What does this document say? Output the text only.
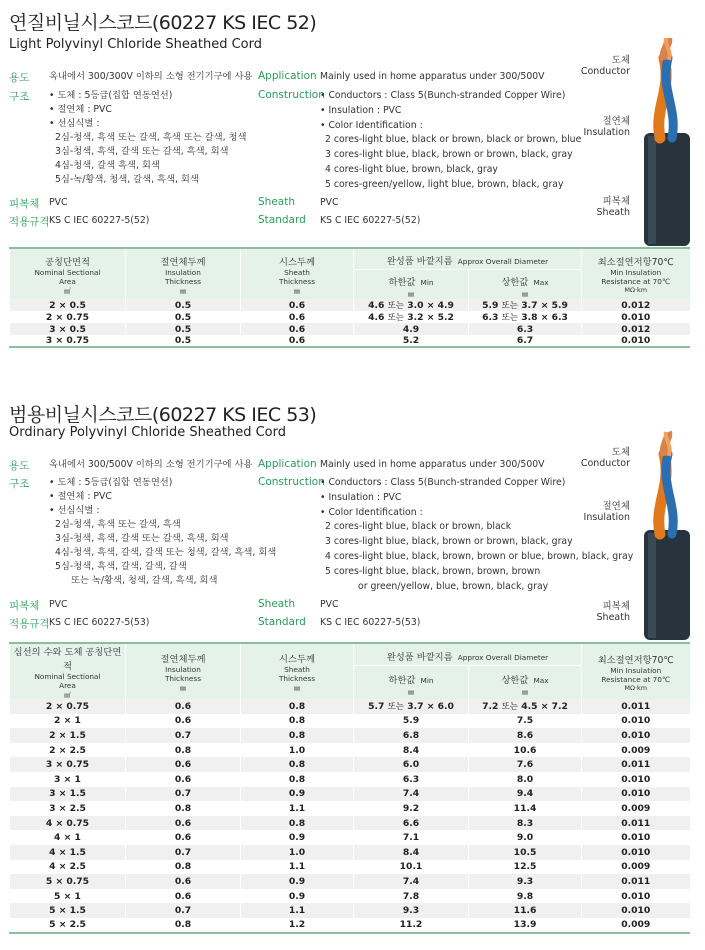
연질비닐시스코드(60227 KS IEC 52)
Light Polyvinyl Chloride Sheathed Cord
용도 옥내에서 300/300V 이하의 소형 전기기구에 사용 Application Mainly used in home apparatus under 300/500V
구조 • 도체 : 5등급(집합 연동연선)
• 절연체 : PVC
• 선심식별 :
2심-청색, 흑색 또는 갈색, 흑색 또는 갈색, 청색
3심-청색, 흑색, 갈색 또는 갈색, 흑색, 회색
4심-청색, 갈색 흑색, 회색
5심-녹/황색, 청색, 갈색, 흑색, 회색
Construction
• Conductors : Class 5(Bunch-stranded Copper Wire)
• Insulation : PVC
• Color Identification :
2 cores-light blue, black or brown, black or brown, blue
3 cores-light blue, black, brown or brown, black, gray
4 cores-light blue, brown, black, gray
5 cores-green/yellow, light blue, brown, black, gray
피복체 PVC	Sheath	PVC
적용규격 KS C IEC 60227-5(52)	Standard KS C IEC 60227-5(52)
도체
Conductor
절연체
Insulation
피복체
Sheath
공칭단면적
Nominal Sectional
Area
㎟	절연체두께
Insulation
Thickness
㎜	시스두께
Sheath
Thickness
㎜	완성품 바깥지름 Approx Overall Diameter		최소절연저항70℃
Min Insulation
Resistance at 70℃
MΩ·km

			하한값 Min
㎜	상한값 Max
㎜	

2 × 0.5	0.5	0.6	4.6 또는 3.0 × 4.9	5.9 또는 3.7 × 5.9	0.012
2 × 0.75	0.5	0.6	4.6 또는 3.2 × 5.2	6.3 또는 3.8 × 6.3	0.010
3 × 0.5	0.5	0.6	4.9	6.3	0.012
3 × 0.75	0.5	0.6	5.2	6.7	0.010
범용비닐시스코드(60227 KS IEC 53)
Ordinary Polyvinyl Chloride Sheathed Cord
용도 옥내에서 300/500V 이하의 소형 전기기구에 사용 Application Mainly used in home apparatus under 300/500V
구조 • 도체 : 5등급(집합 연동연선)
• 절연체 : PVC
• 선심식별 :
2심-청색, 흑색 또는 갈색, 흑색
3심-청색, 흑색, 갈색 또는 갈색, 흑색, 회색
4심-청색, 흑색, 갈색, 갈색 또는 청색, 갈색, 흑색, 회색
5심-청색, 흑색, 갈색, 갈색, 갈색
또는 녹/황색, 청색, 갈색, 흑색, 회색
Construction
• Conductors : Class 5(Bunch-stranded Copper Wire)
• Insulation : PVC
• Color Identification :
2 cores-light blue, black or brown, black
3 cores-light blue, black, brown or brown, black, gray
4 cores-light blue, black, brown, brown or blue, brown, black, gray
5 cores-light blue, black, brown, brown, brown
or green/yellow, blue, brown, black, gray
피복체 PVC	Sheath	PVC
적용규격 KS C IEC 60227-5(53)	Standard KS C IEC 60227-5(53)
도체
Conductor
절연체
Insulation
피복체
Sheath
심선의 수와 도체 공칭단면적
Nominal Sectional
Area
㎟	절연체두께
Insulation
Thickness
㎜	시스두께
Sheath
Thickness
㎜	완성품 바깥지름 Approx Overall Diameter		최소절연저항70℃
Min Insulation
Resistance at 70℃
MΩ·km

			하한값 Min
㎜	상한값 Max
㎜	

2 × 0.75	0.6	0.8	5.7 또는 3.7 × 6.0	7.2 또는 4.5 × 7.2	0.011
2 × 1	0.6	0.8	5.9	7.5	0.010
2 × 1.5	0.7	0.8	6.8	8.6	0.010
2 × 2.5	0.8	1.0	8.4	10.6	0.009
3 × 0.75	0.6	0.8	6.0	7.6	0.011
3 × 1	0.6	0.8	6.3	8.0	0.010
3 × 1.5	0.7	0.9	7.4	9.4	0.010
3 × 2.5	0.8	1.1	9.2	11.4	0.009
4 × 0.75	0.6	0.8	6.6	8.3	0.011
4 × 1	0.6	0.9	7.1	9.0	0.010
4 × 1.5	0.7	1.0	8.4	10.5	0.010
4 × 2.5	0.8	1.1	10.1	12.5	0.009
5 × 0.75	0.6	0.9	7.4	9.3	0.011
5 × 1	0.6	0.9	7.8	9.8	0.010
5 × 1.5	0.7	1.1	9.3	11.6	0.010
5 × 2.5	0.8	1.2	11.2	13.9	0.009
